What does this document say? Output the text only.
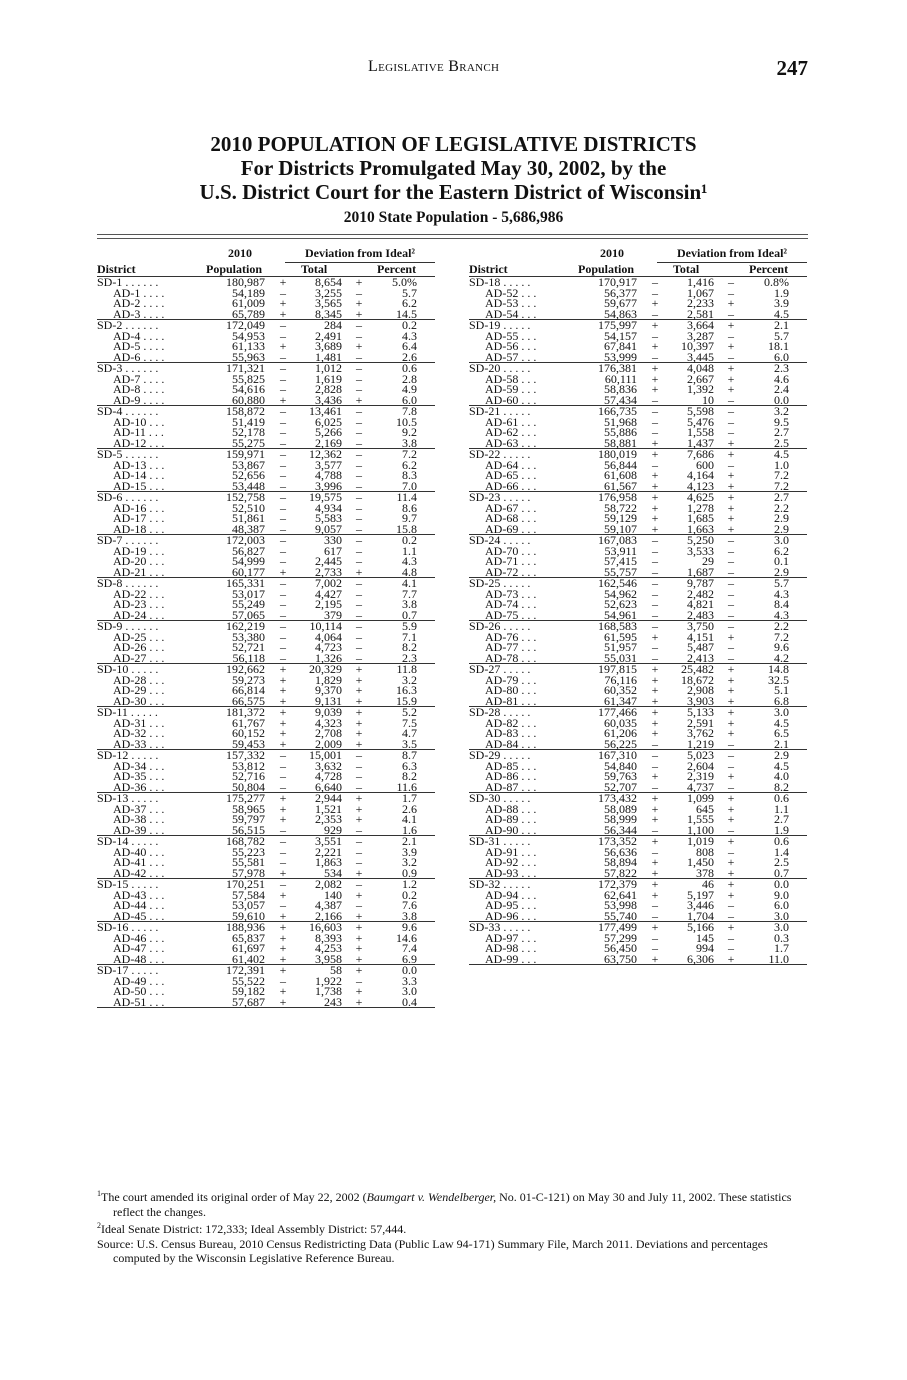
Legislative Branch	247
2010 POPULATION OF LEGISLATIVE DISTRICTS
For Districts Promulgated May 30, 2002, by the
U.S. District Court for the Eastern District of Wisconsin¹
2010 State Population - 5,686,986
2010
Population
Deviation from Ideal²
District	Total	Percent
SD-1 . . . . . .	180,987 +	8,654 +	5.0%
AD-1 . . . .	54,189 –	3,255 –	5.7
AD-2 . . . .	61,009 +	3,565 +	6.2
AD-3 . . . .	65,789 +	8,345 +	14.5
SD-2 . . . . . .	172,049 –	284 –	0.2
AD-4 . . . .	54,953 –	2,491 –	4.3
AD-5 . . . .	61,133 +	3,689 +	6.4
AD-6 . . . .	55,963 –	1,481 –	2.6
SD-3 . . . . . .	171,321 –	1,012 –	0.6
AD-7 . . . .	55,825 –	1,619 –	2.8
AD-8 . . . .	54,616 –	2,828 –	4.9
AD-9 . . . .	60,880 +	3,436 +	6.0
SD-4 . . . . . .	158,872 –	13,461 –	7.8
AD-10 . . .	51,419 –	6,025 –	10.5
AD-11 . . .	52,178 –	5,266 –	9.2
AD-12 . . .	55,275 –	2,169 –	3.8
SD-5 . . . . . .	159,971 –	12,362 –	7.2
AD-13 . . .	53,867 –	3,577 –	6.2
AD-14 . . .	52,656 –	4,788 –	8.3
AD-15 . . .	53,448 –	3,996 –	7.0
SD-6 . . . . . .	152,758 –	19,575 –	11.4
AD-16 . . .	52,510 –	4,934 –	8.6
AD-17 . . .	51,861 –	5,583 –	9.7
AD-18 . . .	48,387 –	9,057 –	15.8
SD-7 . . . . . .	172,003 –	330 –	0.2
AD-19 . . .	56,827 –	617 –	1.1
AD-20 . . .	54,999 –	2,445 –	4.3
AD-21 . . .	60,177 +	2,733 +	4.8
SD-8 . . . . . .	165,331 –	7,002 –	4.1
AD-22 . . .	53,017 –	4,427 –	7.7
AD-23 . . .	55,249 –	2,195 –	3.8
AD-24 . . .	57,065 –	379 –	0.7
SD-9 . . . . . .	162,219 –	10,114 –	5.9
AD-25 . . .	53,380 –	4,064 –	7.1
AD-26 . . .	52,721 –	4,723 –	8.2
AD-27 . . .	56,118 –	1,326 –	2.3
SD-10 . . . . .	192,662 +	20,329 +	11.8
AD-28 . . .	59,273 +	1,829 +	3.2
AD-29 . . .	66,814 +	9,370 +	16.3
AD-30 . . .	66,575 +	9,131 +	15.9
SD-11 . . . . .	181,372 +	9,039 +	5.2
AD-31 . . .	61,767 +	4,323 +	7.5
AD-32 . . .	60,152 +	2,708 +	4.7
AD-33 . . .	59,453 +	2,009 +	3.5
SD-12 . . . . .	157,332 –	15,001 –	8.7
AD-34 . . .	53,812 –	3,632 –	6.3
AD-35 . . .	52,716 –	4,728 –	8.2
AD-36 . . .	50,804 –	6,640 –	11.6
SD-13 . . . . .	175,277 +	2,944 +	1.7
AD-37 . . .	58,965 +	1,521 +	2.6
AD-38 . . .	59,797 +	2,353 +	4.1
AD-39 . . .	56,515 –	929 –	1.6
SD-14 . . . . .	168,782 –	3,551 –	2.1
AD-40 . . .	55,223 –	2,221 –	3.9
AD-41 . . .	55,581 –	1,863 –	3.2
AD-42 . . .	57,978 +	534 +	0.9
SD-15 . . . . .	170,251 –	2,082 –	1.2
AD-43 . . .	57,584 +	140 +	0.2
AD-44 . . .	53,057 –	4,387 –	7.6
AD-45 . . .	59,610 +	2,166 +	3.8
SD-16 . . . . .	188,936 +	16,603 +	9.6
AD-46 . . .	65,837 +	8,393 +	14.6
AD-47 . . .	61,697 +	4,253 +	7.4
AD-48 . . .	61,402 +	3,958 +	6.9
SD-17 . . . . .	172,391 +	58 +	0.0
AD-49 . . .	55,522 –	1,922 –	3.3
AD-50 . . .	59,182 +	1,738 +	3.0
AD-51 . . .	57,687 +	243 +	0.4
2010
Population
Deviation from Ideal²
District	Total	Percent
SD-18 . . . . .	170,917 –	1,416 –	0.8%
AD-52 . . .	56,377 –	1,067 –	1.9
AD-53 . . .	59,677 +	2,233 +	3.9
AD-54 . . .	54,863 –	2,581 –	4.5
SD-19 . . . . .	175,997 +	3,664 +	2.1
AD-55 . . .	54,157 –	3,287 –	5.7
AD-56 . . .	67,841 +	10,397 +	18.1
AD-57 . . .	53,999 –	3,445 –	6.0
SD-20 . . . . .	176,381 +	4,048 +	2.3
AD-58 . . .	60,111 +	2,667 +	4.6
AD-59 . . .	58,836 +	1,392 +	2.4
AD-60 . . .	57,434 –	10 –	0.0
SD-21 . . . . .	166,735 –	5,598 –	3.2
AD-61 . . .	51,968 –	5,476 –	9.5
AD-62 . . .	55,886 –	1,558 –	2.7
AD-63 . . .	58,881 +	1,437 +	2.5
SD-22 . . . . .	180,019 +	7,686 +	4.5
AD-64 . . .	56,844 –	600 –	1.0
AD-65 . . .	61,608 +	4,164 +	7.2
AD-66 . . .	61,567 +	4,123 +	7.2
SD-23 . . . . .	176,958 +	4,625 +	2.7
AD-67 . . .	58,722 +	1,278 +	2.2
AD-68 . . .	59,129 +	1,685 +	2.9
AD-69 . . .	59,107 +	1,663 +	2.9
SD-24 . . . . .	167,083 –	5,250 –	3.0
AD-70 . . .	53,911 –	3,533 –	6.2
AD-71 . . .	57,415 –	29 –	0.1
AD-72 . . .	55,757 –	1,687 –	2.9
SD-25 . . . . .	162,546 –	9,787 –	5.7
AD-73 . . .	54,962 –	2,482 –	4.3
AD-74 . . .	52,623 –	4,821 –	8.4
AD-75 . . .	54,961 –	2,483 –	4.3
SD-26 . . . . .	168,583 –	3,750 –	2.2
AD-76 . . .	61,595 +	4,151 +	7.2
AD-77 . . .	51,957 –	5,487 –	9.6
AD-78 . . .	55,031 –	2,413 –	4.2
SD-27 . . . . .	197,815 +	25,482 +	14.8
AD-79 . . .	76,116 +	18,672 +	32.5
AD-80 . . .	60,352 +	2,908 +	5.1
AD-81 . . .	61,347 +	3,903 +	6.8
SD-28 . . . . .	177,466 +	5,133 +	3.0
AD-82 . . .	60,035 +	2,591 +	4.5
AD-83 . . .	61,206 +	3,762 +	6.5
AD-84 . . .	56,225 –	1,219 –	2.1
SD-29 . . . . .	167,310 –	5,023 –	2.9
AD-85 . . .	54,840 –	2,604 –	4.5
AD-86 . . .	59,763 +	2,319 +	4.0
AD-87 . . .	52,707 –	4,737 –	8.2
SD-30 . . . . .	173,432 +	1,099 +	0.6
AD-88 . . .	58,089 +	645 +	1.1
AD-89 . . .	58,999 +	1,555 +	2.7
AD-90 . . .	56,344 –	1,100 –	1.9
SD-31 . . . . .	173,352 +	1,019 +	0.6
AD-91 . . .	56,636 –	808 –	1.4
AD-92 . . .	58,894 +	1,450 +	2.5
AD-93 . . .	57,822 +	378 +	0.7
SD-32 . . . . .	172,379 +	46 +	0.0
AD-94 . . .	62,641 +	5,197 +	9.0
AD-95 . . .	53,998 –	3,446 –	6.0
AD-96 . . .	55,740 –	1,704 –	3.0
SD-33 . . . . .	177,499 +	5,166 +	3.0
AD-97 . . .	57,299 –	145 –	0.3
AD-98 . . .	56,450 –	994 –	1.7
AD-99 . . .	63,750 +	6,306 +	11.0

$^1$The court amended its original order of May 22, 2002 (Baumgart v. Wendelberger, No. 01-C-121) on May 30 and July 11, 2002. These statistics reflect the changes.

$^2$Ideal Senate District: 172,333; Ideal Assembly District: 57,444.

Source: U.S. Census Bureau, 2010 Census Redistricting Data (Public Law 94-171) Summary File, March 2011. Deviations and percentages computed by the Wisconsin Legislative Reference Bureau.
